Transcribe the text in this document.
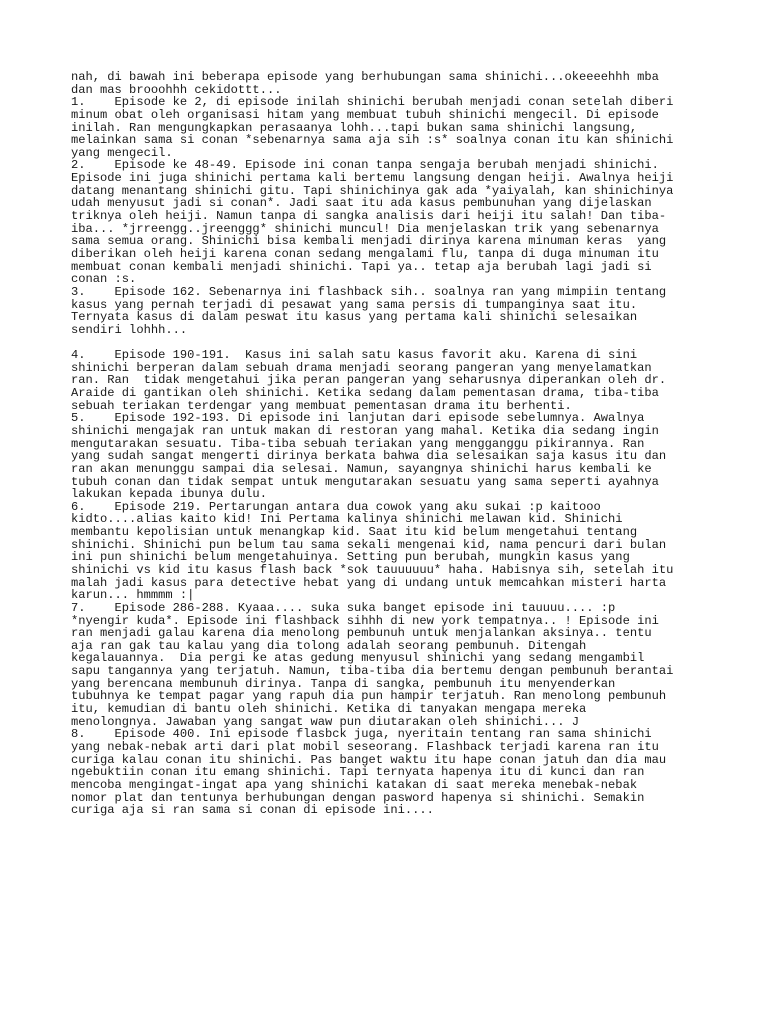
nah, di bawah ini beberapa episode yang berhubungan sama shinichi...okeeeehhh mba
dan mas brooohhh cekidottt...
1.    Episode ke 2, di episode inilah shinichi berubah menjadi conan setelah diberi
minum obat oleh organisasi hitam yang membuat tubuh shinichi mengecil. Di episode
inilah. Ran mengungkapkan perasaanya lohh...tapi bukan sama shinichi langsung,
melainkan sama si conan *sebenarnya sama aja sih :s* soalnya conan itu kan shinichi
yang mengecil.
2.    Episode ke 48-49. Episode ini conan tanpa sengaja berubah menjadi shinichi.
Episode ini juga shinichi pertama kali bertemu langsung dengan heiji. Awalnya heiji
datang menantang shinichi gitu. Tapi shinichinya gak ada *yaiyalah, kan shinichinya
udah menyusut jadi si conan*. Jadi saat itu ada kasus pembunuhan yang dijelaskan
triknya oleh heiji. Namun tanpa di sangka analisis dari heiji itu salah! Dan tiba-
iba... *jrreengg..jreenggg* shinichi muncul! Dia menjelaskan trik yang sebenarnya
sama semua orang. Shinichi bisa kembali menjadi dirinya karena minuman keras  yang
diberikan oleh heiji karena conan sedang mengalami flu, tanpa di duga minuman itu
membuat conan kembali menjadi shinichi. Tapi ya.. tetap aja berubah lagi jadi si
conan :s.
3.    Episode 162. Sebenarnya ini flashback sih.. soalnya ran yang mimpiin tentang
kasus yang pernah terjadi di pesawat yang sama persis di tumpanginya saat itu.
Ternyata kasus di dalam peswat itu kasus yang pertama kali shinichi selesaikan
sendiri lohhh...
4.    Episode 190-191.  Kasus ini salah satu kasus favorit aku. Karena di sini
shinichi berperan dalam sebuah drama menjadi seorang pangeran yang menyelamatkan
ran. Ran  tidak mengetahui jika peran pangeran yang seharusnya diperankan oleh dr.
Araide di gantikan oleh shinichi. Ketika sedang dalam pementasan drama, tiba-tiba
sebuah teriakan terdengar yang membuat pementasan drama itu berhenti.
5.    Episode 192-193. Di episode ini lanjutan dari episode sebelumnya. Awalnya
shinichi mengajak ran untuk makan di restoran yang mahal. Ketika dia sedang ingin
mengutarakan sesuatu. Tiba-tiba sebuah teriakan yang mengganggu pikirannya. Ran
yang sudah sangat mengerti dirinya berkata bahwa dia selesaikan saja kasus itu dan
ran akan menunggu sampai dia selesai. Namun, sayangnya shinichi harus kembali ke
tubuh conan dan tidak sempat untuk mengutarakan sesuatu yang sama seperti ayahnya
lakukan kepada ibunya dulu.
6.    Episode 219. Pertarungan antara dua cowok yang aku sukai :p kaitooo
kidto....alias kaito kid! Ini Pertama kalinya shinichi melawan kid. Shinichi
membantu kepolisian untuk menangkap kid. Saat itu kid belum mengetahui tentang
shinichi. Shinichi pun belum tau sama sekali mengenai kid, nama pencuri dari bulan
ini pun shinichi belum mengetahuinya. Setting pun berubah, mungkin kasus yang
shinichi vs kid itu kasus flash back *sok tauuuuuu* haha. Habisnya sih, setelah itu
malah jadi kasus para detective hebat yang di undang untuk memcahkan misteri harta
karun... hmmmm :|
7.    Episode 286-288. Kyaaa.... suka suka banget episode ini tauuuu.... :p
*nyengir kuda*. Episode ini flashback sihhh di new york tempatnya.. ! Episode ini
ran menjadi galau karena dia menolong pembunuh untuk menjalankan aksinya.. tentu
aja ran gak tau kalau yang dia tolong adalah seorang pembunuh. Ditengah
kegalauannya.  Dia pergi ke atas gedung menyusul shinichi yang sedang mengambil
sapu tangannya yang terjatuh. Namun, tiba-tiba dia bertemu dengan pembunuh berantai
yang berencana membunuh dirinya. Tanpa di sangka, pembunuh itu menyenderkan
tubuhnya ke tempat pagar yang rapuh dia pun hampir terjatuh. Ran menolong pembunuh
itu, kemudian di bantu oleh shinichi. Ketika di tanyakan mengapa mereka
menolongnya. Jawaban yang sangat waw pun diutarakan oleh shinichi... J
8.    Episode 400. Ini episode flasbck juga, nyeritain tentang ran sama shinichi
yang nebak-nebak arti dari plat mobil seseorang. Flashback terjadi karena ran itu
curiga kalau conan itu shinichi. Pas banget waktu itu hape conan jatuh dan dia mau
ngebuktiin conan itu emang shinichi. Tapi ternyata hapenya itu di kunci dan ran
mencoba mengingat-ingat apa yang shinichi katakan di saat mereka menebak-nebak
nomor plat dan tentunya berhubungan dengan pasword hapenya si shinichi. Semakin
curiga aja si ran sama si conan di episode ini....
